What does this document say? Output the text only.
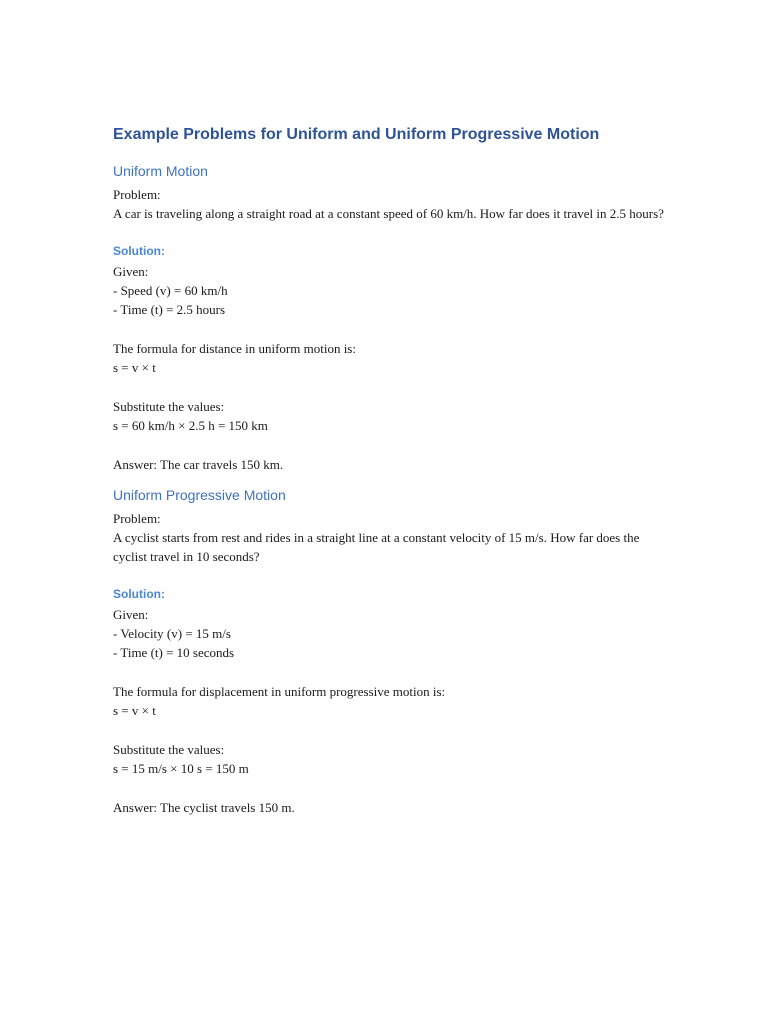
Example Problems for Uniform and Uniform Progressive Motion
Uniform Motion

Problem:

A car is traveling along a straight road at a constant speed of 60 km/h. How far does it travel in 2.5 hours?

Solution:

Given:

- Speed (v) = 60 km/h

- Time (t) = 2.5 hours

The formula for distance in uniform motion is:

s = v × t

Substitute the values:

s = 60 km/h × 2.5 h = 150 km

Answer: The car travels 150 km.

Uniform Progressive Motion

Problem:

A cyclist starts from rest and rides in a straight line at a constant velocity of 15 m/s. How far does the cyclist travel in 10 seconds?

Solution:

Given:

- Velocity (v) = 15 m/s

- Time (t) = 10 seconds

The formula for displacement in uniform progressive motion is:

s = v × t

Substitute the values:

s = 15 m/s × 10 s = 150 m

Answer: The cyclist travels 150 m.
